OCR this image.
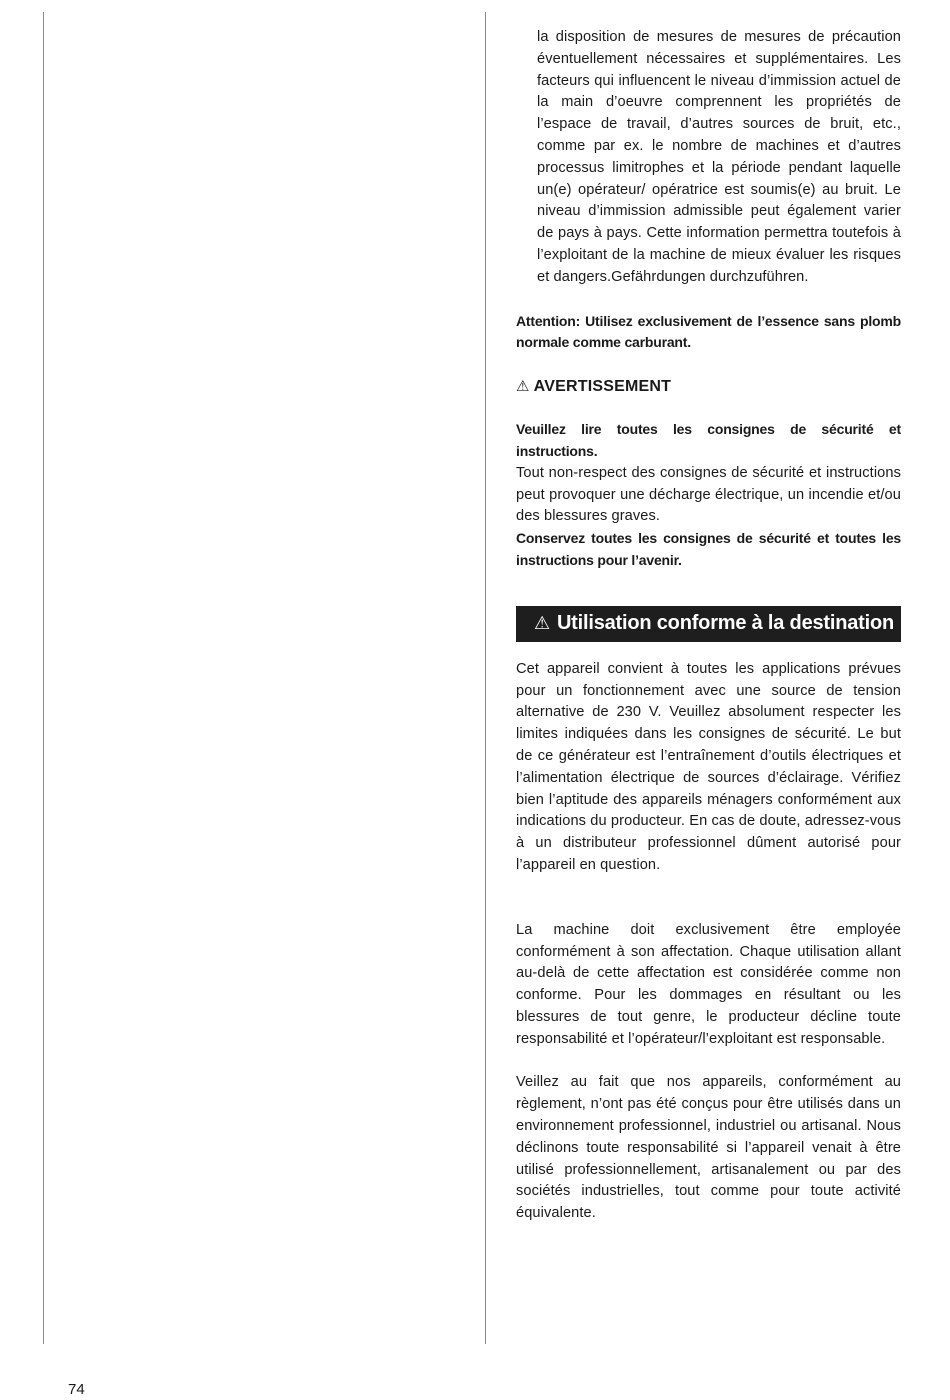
la disposition de mesures de mesures de précaution éventuellement nécessaires et supplémentaires. Les facteurs qui influencent le niveau d’immission actuel de la main d’oeuvre comprennent les propriétés de l’espace de travail, d’autres sources de bruit, etc., comme par ex. le nombre de machines et d’autres processus limitrophes et la période pendant laquelle un(e) opérateur/ opératrice est soumis(e) au bruit. Le niveau d’immission admissible peut également varier de pays à pays. Cette information permettra toutefois à l’exploitant de la machine de mieux évaluer les risques et dangers.Gefährdungen durchzuführen.

Attention: Utilisez exclusivement de l’essence sans plomb normale comme carburant.

⚠ AVERTISSEMENT

Veuillez lire toutes les consignes de sécurité et instructions.

Tout non-respect des consignes de sécurité et instructions peut provoquer une décharge électrique, un incendie et/ou des blessures graves.

Conservez toutes les consignes de sécurité et toutes les instructions pour l’avenir.

⚠ Utilisation conforme à la destination

Cet appareil convient à toutes les applications prévues pour un fonctionnement avec une source de tension alternative de 230 V. Veuillez absolument respecter les limites indiquées dans les consignes de sécurité. Le but de ce générateur est l’entraînement d’outils électriques et l’alimentation électrique de sources d’éclairage. Vérifiez bien l’aptitude des appareils ménagers conformément aux indications du producteur. En cas de doute, adressez-vous à un distributeur professionnel dûment autorisé pour l’appareil en question.

La machine doit exclusivement être employée conformément à son affectation. Chaque utilisation allant au-delà de cette affectation est considérée comme non conforme. Pour les dommages en résultant ou les blessures de tout genre, le producteur décline toute responsabilité et l’opérateur/l’exploitant est responsable.

Veillez au fait que nos appareils, conformément au règlement, n’ont pas été conçus pour être utilisés dans un environnement professionnel, industriel ou artisanal. Nous déclinons toute responsabilité si l’appareil venait à être utilisé professionnellement, artisanalement ou par des sociétés industrielles, tout comme pour toute activité équivalente.

74
